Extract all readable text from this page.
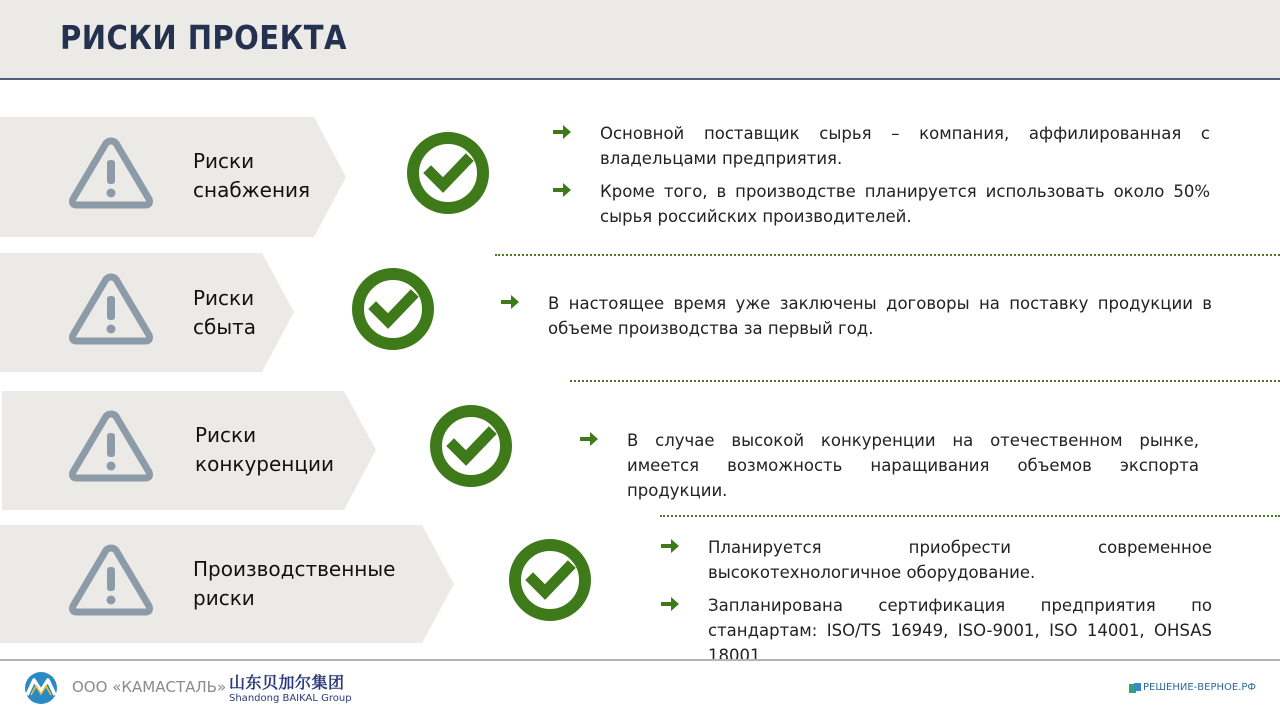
РИСКИ ПРОЕКТА
Риски
снабжения
Основной поставщик сырья – компания, аффилированная с владельцами предприятия.
Кроме того, в производстве планируется использовать около 50% сырья российских производителей.
Риски
сбыта
В настоящее время уже заключены договоры на поставку продукции в объеме производства за первый год.
Риски
конкуренции
В случае высокой конкуренции на отечественном рынке, имеется возможность наращивания объемов экспорта продукции.
Производственные
риски
Планируется приобрести современное высокотехнологичное оборудование.
Запланирована сертификация предприятия по стандартам: ISO/TS 16949, ISO-9001, ISO 14001, OHSAS 18001
ООО «КАМАСТАЛЬ» 山东贝加尔集团
Shandong BAIKAL Group
РЕШЕНИЕ-ВЕРНОЕ.РФ
